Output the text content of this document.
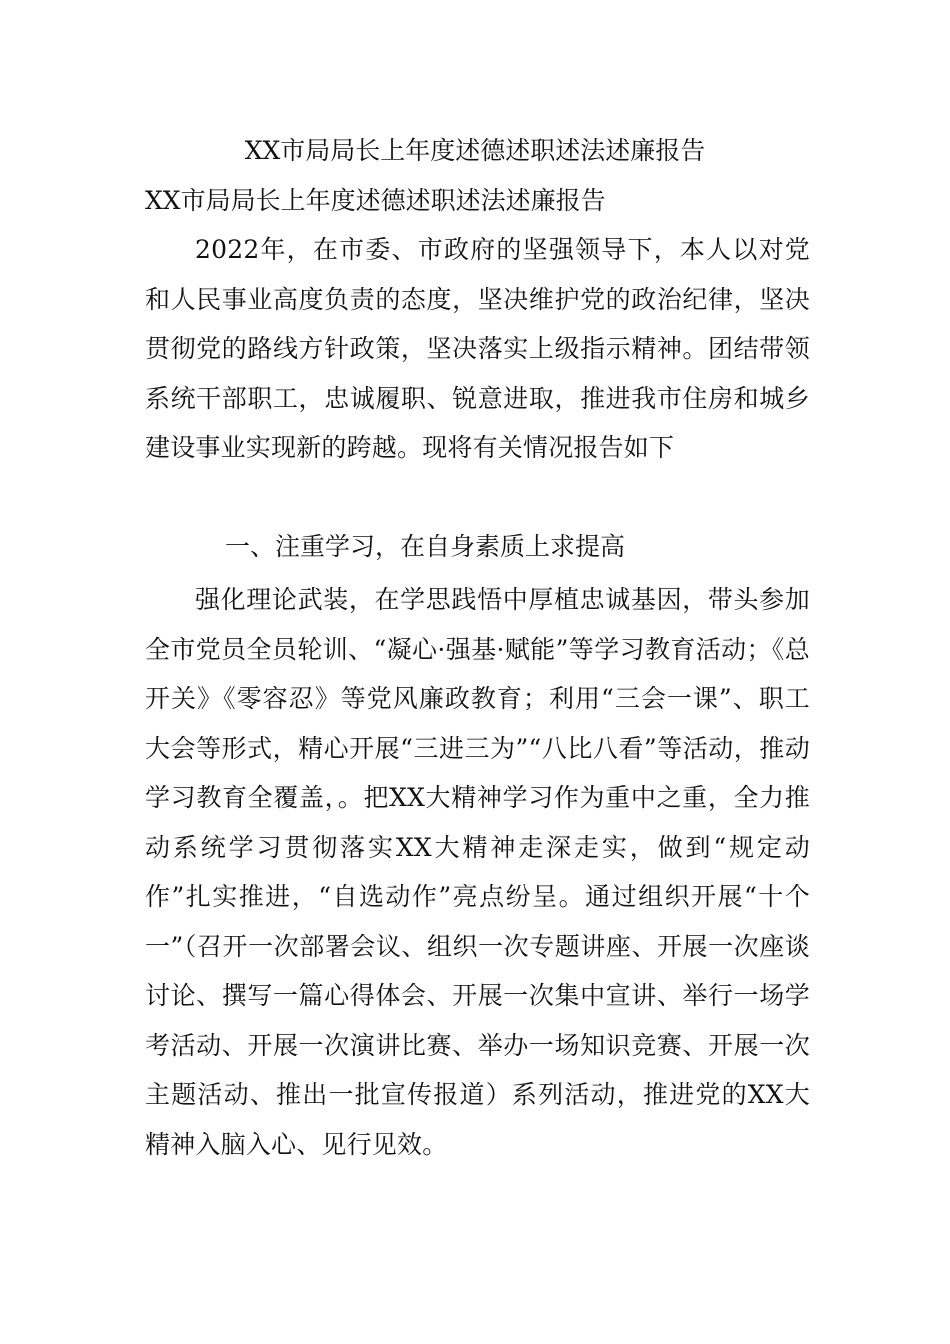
XX市局局长上年度述德述职述法述廉报告
XX市局局长上年度述德述职述法述廉报告

2022年，在市委、市政府的坚强领导下，本人以对党和人民事业高度负责的态度，坚决维护党的政治纪律，坚决贯彻党的路线方针政策，坚决落实上级指示精神。团结带领系统干部职工，忠诚履职、锐意进取，推进我市住房和城乡建设事业实现新的跨越。现将有关情况报告如下

一、注重学习，在自身素质上求提高

强化理论武装，在学思践悟中厚植忠诚基因，带头参加全市党员全员轮训、“凝心·强基·赋能”等学习教育活动；《总开关》《零容忍》等党风廉政教育；利用“三会一课”、职工大会等形式，精心开展“三进三为”“八比八看”等活动，推动学习教育全覆盖，。把XX大精神学习作为重中之重，全力推动系统学习贯彻落实XX大精神走深走实，做到“规定动作”扎实推进，“自选动作”亮点纷呈。通过组织开展“十个一”（召开一次部署会议、组织一次专题讲座、开展一次座谈讨论、撰写一篇心得体会、开展一次集中宣讲、举行一场学考活动、开展一次演讲比赛、举办一场知识竞赛、开展一次主题活动、推出一批宣传报道）系列活动，推进党的XX大精神入脑入心、见行见效。
